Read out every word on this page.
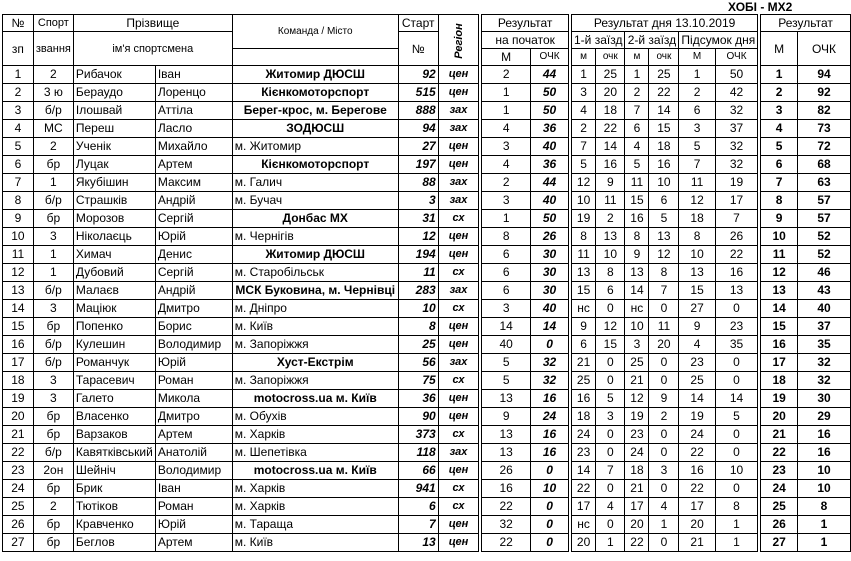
ХОБІ - МХ2
№	Спорт	Прізвище		Команда / Місто	Старт	Регіон		Результат			Результат дня 13.10.2019							Результат	
зп	звання	ім'я спортсмена			№			на початок			1-й заїзд		2-й заїзд		Підсумок дня			М	ОЧК
								М	ОЧК		м	очк	м	очк	М	ОЧК			
1	2	Рибачок	Іван	Житомир ДЮСШ	92	цен		2	44		1	25	1	25	1	50		1	94
2	3 ю	Бераудо	Лоренцо	Кієнкомоторспорт	515	цен		1	50		3	20	2	22	2	42		2	92
3	б/р	Ілошвай	Аттіла	Берег-крос, м. Берегове	888	зах		1	50		4	18	7	14	6	32		3	82
4	МС	Переш	Ласло	ЗОДЮСШ	94	зах		4	36		2	22	6	15	3	37		4	73
5	2	Ученік	Михайло	м. Житомир	27	цен		3	40		7	14	4	18	5	32		5	72
6	бр	Луцак	Артем	Кієнкомоторспорт	197	цен		4	36		5	16	5	16	7	32		6	68
7	1	Якубішин	Максим	м. Галич	88	зах		2	44		12	9	11	10	11	19		7	63
8	б/р	Страшків	Андрій	м. Бучач	3	зах		3	40		10	11	15	6	12	17		8	57
9	бр	Морозов	Сергій	Донбас МХ	31	сх		1	50		19	2	16	5	18	7		9	57
10	3	Ніколаєць	Юрій	м. Чернігів	12	цен		8	26		8	13	8	13	8	26		10	52
11	1	Химач	Денис	Житомир ДЮСШ	194	цен		6	30		11	10	9	12	10	22		11	52
12	1	Дубовий	Сергій	м. Старобільськ	11	сх		6	30		13	8	13	8	13	16		12	46
13	б/р	Малаєв	Андрій	МСК Буковина, м. Чернівці	283	зах		6	30		15	6	14	7	15	13		13	43
14	3	Маціюк	Дмитро	м. Дніпро	10	сх		3	40		нс	0	нс	0	27	0		14	40
15	бр	Попенко	Борис	м. Київ	8	цен		14	14		9	12	10	11	9	23		15	37
16	б/р	Кулешин	Володимир	м. Запоріжжя	25	цен		40	0		6	15	3	20	4	35		16	35
17	б/р	Романчук	Юрій	Хуст-Екстрім	56	зах		5	32		21	0	25	0	23	0		17	32
18	3	Тарасевич	Роман	м. Запоріжжя	75	сх		5	32		25	0	21	0	25	0		18	32
19	3	Галето	Микола	motocross.ua м. Київ	36	цен		13	16		16	5	12	9	14	14		19	30
20	бр	Власенко	Дмитро	м. Обухів	90	цен		9	24		18	3	19	2	19	5		20	29
21	бр	Варзаков	Артем	м. Харків	373	сх		13	16		24	0	23	0	24	0		21	16
22	б/р	Кавятківський	Анатолій	м. Шепетівка	118	зах		13	16		23	0	24	0	22	0		22	16
23	2он	Шейніч	Володимир	motocross.ua м. Київ	66	цен		26	0		14	7	18	3	16	10		23	10
24	бр	Брик	Іван	м. Харків	941	сх		16	10		22	0	21	0	22	0		24	10
25	2	Тютіков	Роман	м. Харків	6	сх		22	0		17	4	17	4	17	8		25	8
26	бр	Кравченко	Юрій	м. Тараща	7	цен		32	0		нс	0	20	1	20	1		26	1
27	бр	Беглов	Артем	м. Київ	13	цен		22	0		20	1	22	0	21	1		27	1
